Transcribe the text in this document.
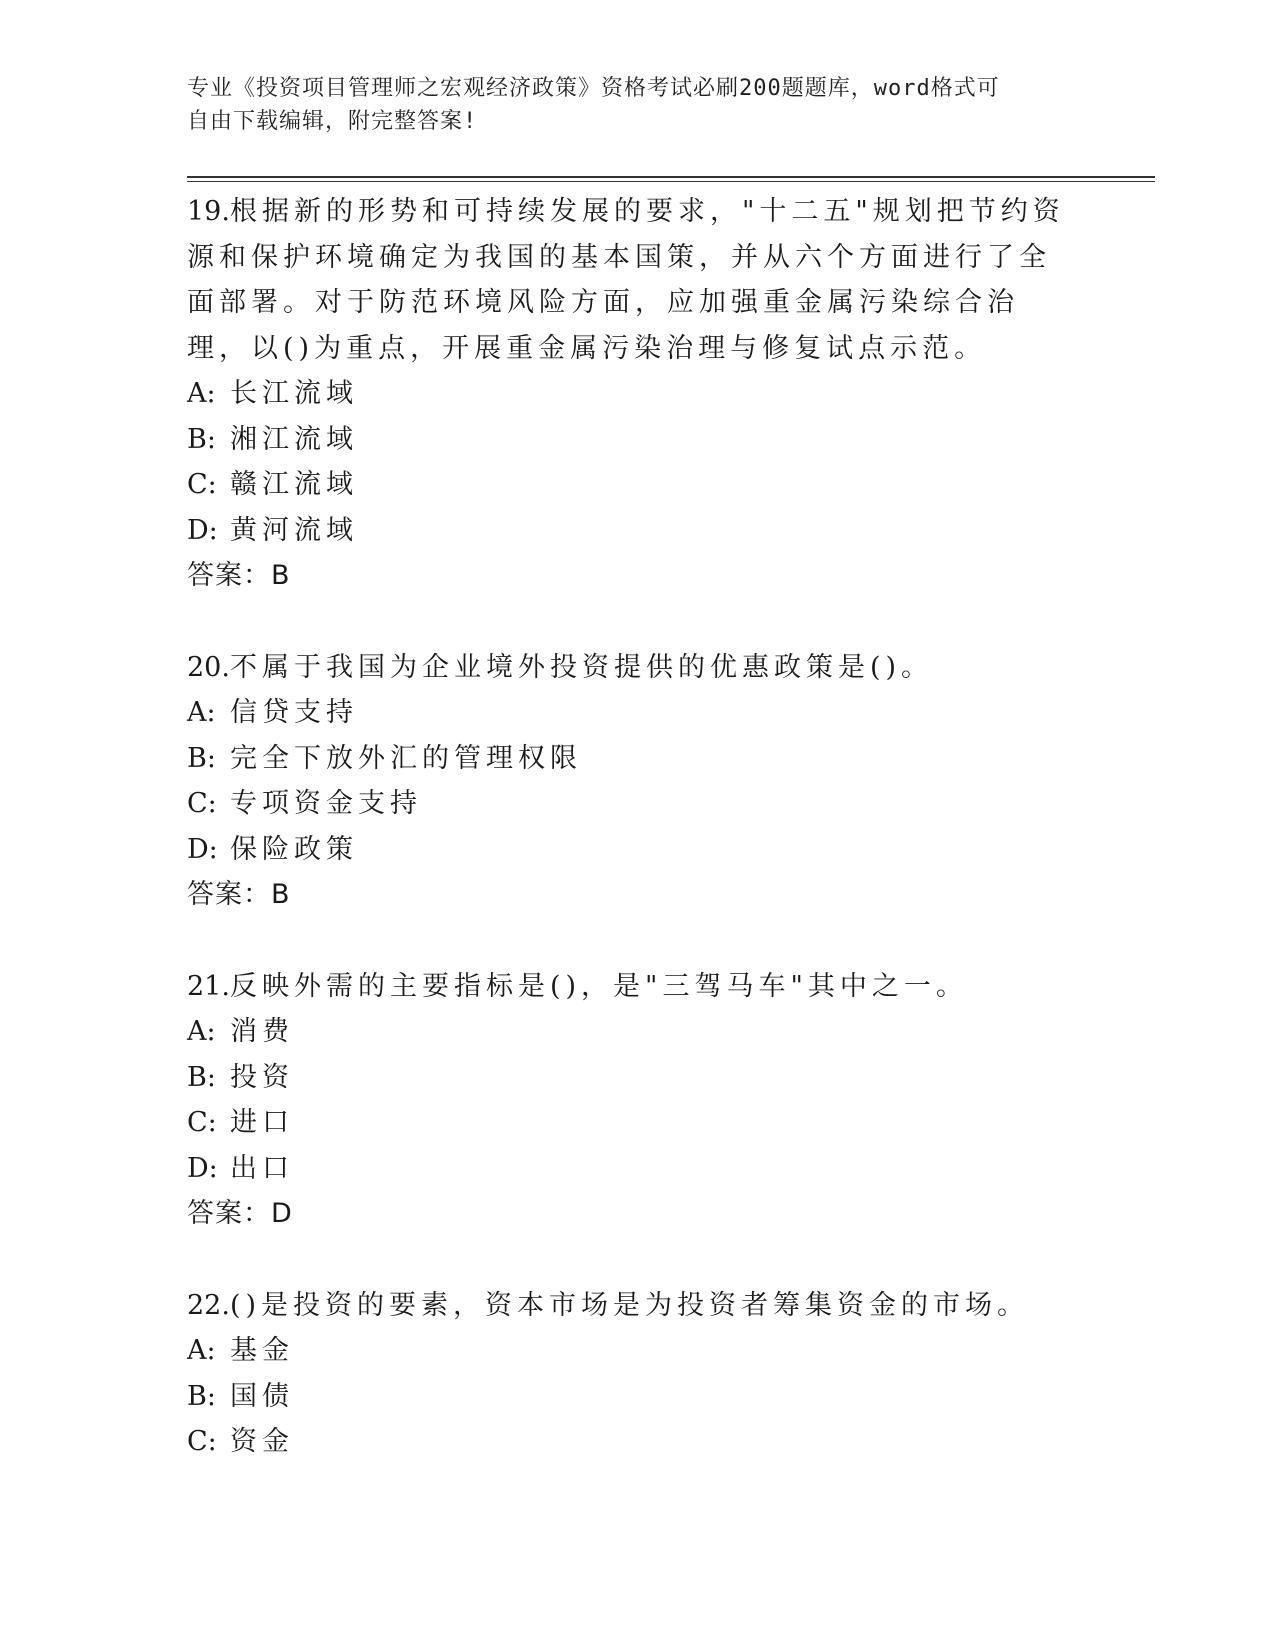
专业《投资项目管理师之宏观经济政策》资格考试必刷200题题库，word格式可
自由下载编辑，附完整答案!
19.根据新的形势和可持续发展的要求，"十二五"规划把节约资源和保护环境确定为我国的基本国策，并从六个方面进行了全面部署。对于防范环境风险方面，应加强重金属污染综合治理，以()为重点，开展重金属污染治理与修复试点示范。
A: 长江流域
B: 湘江流域
C: 赣江流域
D: 黄河流域
答案：B
20.不属于我国为企业境外投资提供的优惠政策是()。
A: 信贷支持
B: 完全下放外汇的管理权限
C: 专项资金支持
D: 保险政策
答案：B
21.反映外需的主要指标是()，是"三驾马车"其中之一。
A: 消费
B: 投资
C: 进口
D: 出口
答案：D
22.()是投资的要素，资本市场是为投资者筹集资金的市场。
A: 基金
B: 国债
C: 资金
